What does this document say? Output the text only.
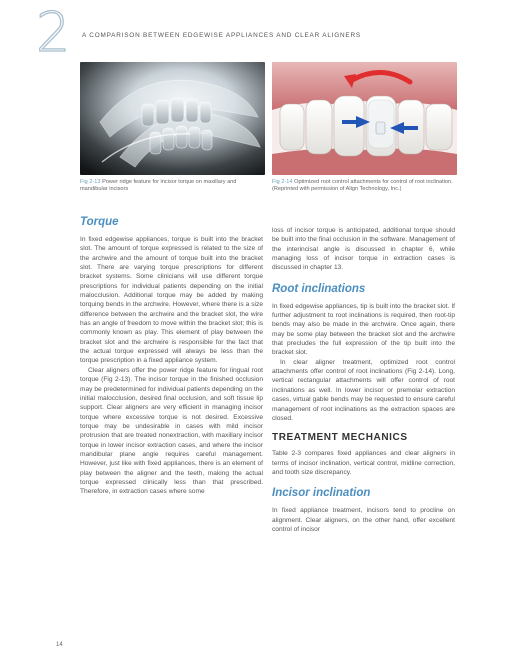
2 A COMPARISON BETWEEN EDGEWISE APPLIANCES AND CLEAR ALIGNERS
Fig 2-13 Power ridge feature for incisor torque on maxillary and mandibular incisors
Fig 2-14 Optimized root control attachments for control of root inclination. (Reprinted with permission of Align Technology, Inc.)
Torque

In fixed edgewise appliances, torque is built into the bracket slot. The amount of torque expressed is related to the size of the archwire and the amount of torque built into the bracket slot. There are varying torque prescriptions for different bracket systems. Some clinicians will use different torque prescriptions for individual patients depending on the initial malocclusion. Additional torque may be added by making torquing bends in the archwire. However, where there is a size difference between the archwire and the bracket slot, the wire has an angle of freedom to move within the bracket slot; this is commonly known as play. This element of play between the bracket slot and the archwire is responsible for the fact that the actual torque expressed will always be less than the torque prescription in a fixed appliance system.

Clear aligners offer the power ridge feature for lingual root torque (Fig 2-13). The incisor torque in the finished occlusion may be predetermined for individual patients depending on the initial malocclusion, desired final occlusion, and soft tissue lip support. Clear aligners are very efficient in managing incisor torque where excessive torque is not desired. Excessive torque may be undesirable in cases with mild incisor protrusion that are treated nonextraction, with maxillary incisor torque in lower incisor extraction cases, and where the incisor mandibular plane angle requires careful management. However, just like with fixed appliances, there is an element of play between the aligner and the teeth, making the actual torque expressed clinically less than that prescribed. Therefore, in extraction cases where some

loss of incisor torque is anticipated, additional torque should be built into the final occlusion in the software. Management of the interincisal angle is discussed in chapter 6, while managing loss of incisor torque in extraction cases is discussed in chapter 13.

Root inclinations

In fixed edgewise appliances, tip is built into the bracket slot. If further adjustment to root inclinations is required, then root-tip bends may also be made in the archwire. Once again, there may be some play between the bracket slot and the archwire that precludes the full expression of the tip built into the bracket slot.

In clear aligner treatment, optimized root control attachments offer control of root inclinations (Fig 2-14). Long, vertical rectangular attachments will offer control of root inclinations as well. In lower incisor or premolar extraction cases, virtual gable bends may be requested to ensure careful management of root inclinations as the extraction spaces are closed.

TREATMENT MECHANICS

Table 2-3 compares fixed appliances and clear aligners in terms of incisor inclination, vertical control, midline correction, and tooth size discrepancy.

Incisor inclination

In fixed appliance treatment, incisors tend to procline on alignment. Clear aligners, on the other hand, offer excellent control of incisor

14
